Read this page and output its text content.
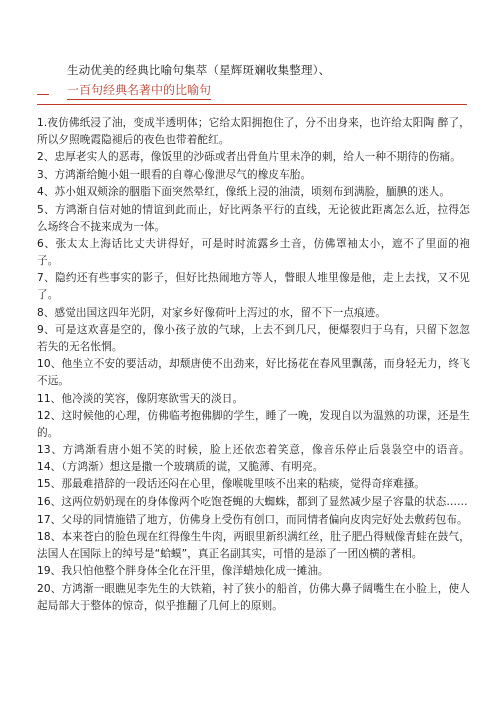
生动优美的经典比喻句集萃（星辉斑斓收集整理）、
一百句经典名著中的比喻句
1.夜仿佛纸浸了油，变成半透明体；它给太阳拥抱住了，分不出身来，也许给太阳陶 醉了，所以夕照晚霞隐褪后的夜色也带着酡红。
2、忠厚老实人的恶毒，像饭里的沙砾或者出骨鱼片里未净的刺，给人一种不期待的伤痛。
3、方鸿渐给鲍小姐一眼看的自尊心像泄尽气的橡皮车胎。
4、苏小姐双颊涂的胭脂下面突然晕红，像纸上浸的油渍，顷刻布到满脸，腼腆的迷人。
5、方鸿渐自信对她的情谊到此而止，好比两条平行的直线，无论彼此距离怎么近，拉得怎么场终合不拢来成为一体。
6、张太太上海话比丈夫讲得好，可是时时流露乡土音，仿佛罩袖太小，遮不了里面的袍子。
7、隐约还有些事实的影子，但好比热闹地方等人，瞥眼人堆里像是他，走上去找，又不见了。
8、感觉出国这四年光阴，对家乡好像荷叶上泻过的水，留不下一点痕迹。
9、可是这欢喜是空的，像小孩子放的气球，上去不到几尺，便爆裂归于乌有，只留下忽忽若失的无名怅惘。
10、他坐立不安的要活动，却颓唐使不出劲来，好比扬花在春风里飘荡，而身轻无力，终飞不远。
11、他冷淡的笑容，像阴寒欲雪天的淡日。
12、这时候他的心理，仿佛临考抱佛脚的学生，睡了一晚，发现自以为温熟的功课，还是生的。
13、方鸿渐看唐小姐不笑的时候，脸上还依恋着笑意，像音乐停止后袅袅空中的语音。14、（方鸿渐）想这是撒一个玻璃质的谎，又脆薄、有明亮。
15、那最难措辞的一段话还闷在心里，像喉咙里咳不出来的粘痰，觉得奇痒难搔。
16、这两位奶奶现在的身体像两个吃饱苍蝇的大蜘蛛，都到了显然减少屋子容量的状态……
17、父母的同情施错了地方，仿佛身上受伤有创口，而同情者偏向皮肉完好处去敷药包布。
18、本来苍白的脸色现在红得像生牛肉，两眼里新织满红丝，肚子肥凸得贼像青蛙在鼓气，法国人在国际上的绰号是“蛤蟆”，真正名副其实，可惜的是添了一团凶横的著相。
19、我只怕他整个胖身体全化在汗里，像洋蜡烛化成一摊油。
20、方鸿渐一眼瞧见李先生的大铁箱，衬了狭小的船首，仿佛大鼻子阔嘴生在小脸上，使人起局部大于整体的惊奇，似乎推翻了几何上的原则。
